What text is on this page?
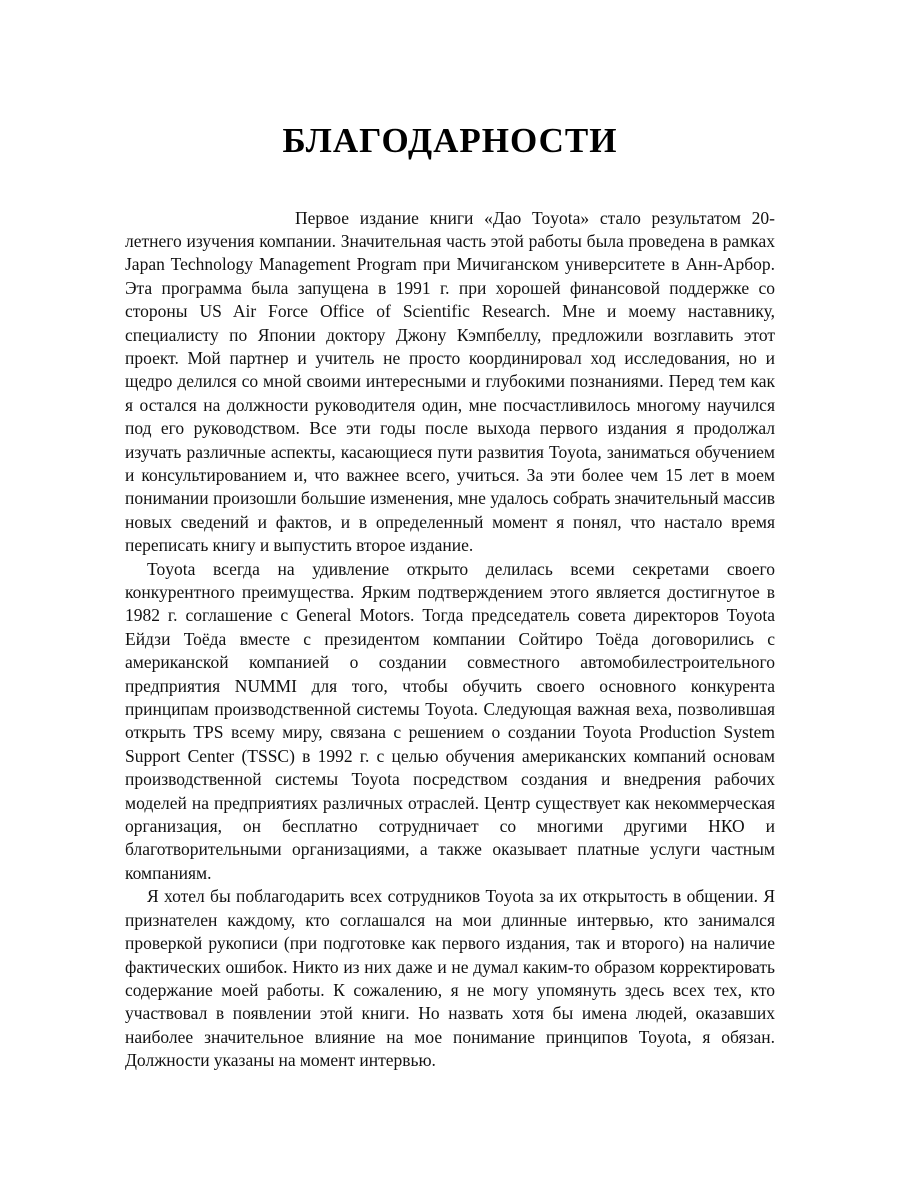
БЛАГОДАРНОСТИ

Первое издание книги «Дао Toyota» стало результатом 20-летнего изучения компании. Значительная часть этой работы была проведена в рамках Japan Technology Management Program при Мичиганском университете в Анн-Арбор. Эта программа была запущена в 1991 г. при хорошей финансовой поддержке со стороны US Air Force Office of Scientific Research. Мне и моему наставнику, специалисту по Японии доктору Джону Кэмпбеллу, предложили возглавить этот проект. Мой партнер и учитель не просто координировал ход исследования, но и щедро делился со мной своими интересными и глубокими познаниями. Перед тем как я остался на должности руководителя один, мне посчастливилось многому научился под его руководством. Все эти годы после выхода первого издания я продолжал изучать различные аспекты, касающиеся пути развития Toyota, заниматься обучением и консультированием и, что важнее всего, учиться. За эти более чем 15 лет в моем понимании произошли большие изменения, мне удалось собрать значительный массив новых сведений и фактов, и в определенный момент я понял, что настало время переписать книгу и выпустить второе издание.

Toyota всегда на удивление открыто делилась всеми секретами своего конкурентного преимущества. Ярким подтверждением этого является достигнутое в 1982 г. соглашение с General Motors. Тогда председатель совета директоров Toyota Ейдзи Тоёда вместе с президентом компании Сойтиро Тоёда договорились с американской компанией о создании совместного автомобилестроительного предприятия NUMMI для того, чтобы обучить своего основного конкурента принципам производственной системы Toyota. Следующая важная веха, позволившая открыть TPS всему миру, связана с решением о создании Toyota Production System Support Center (TSSC) в 1992 г. с целью обучения американских компаний основам производственной системы Toyota посредством создания и внедрения рабочих моделей на предприятиях различных отраслей. Центр существует как некоммерческая организация, он бесплатно сотрудничает со многими другими НКО и благотворительными организациями, а также оказывает платные услуги частным компаниям.

Я хотел бы поблагодарить всех сотрудников Toyota за их открытость в общении. Я признателен каждому, кто соглашался на мои длинные интервью, кто занимался проверкой рукописи (при подготовке как первого издания, так и второго) на наличие фактических ошибок. Никто из них даже и не думал каким-то образом корректировать содержание моей работы. К сожалению, я не могу упомянуть здесь всех тех, кто участвовал в появлении этой книги. Но назвать хотя бы имена людей, оказавших наиболее значительное влияние на мое понимание принципов Toyota, я обязан. Должности указаны на момент интервью.
